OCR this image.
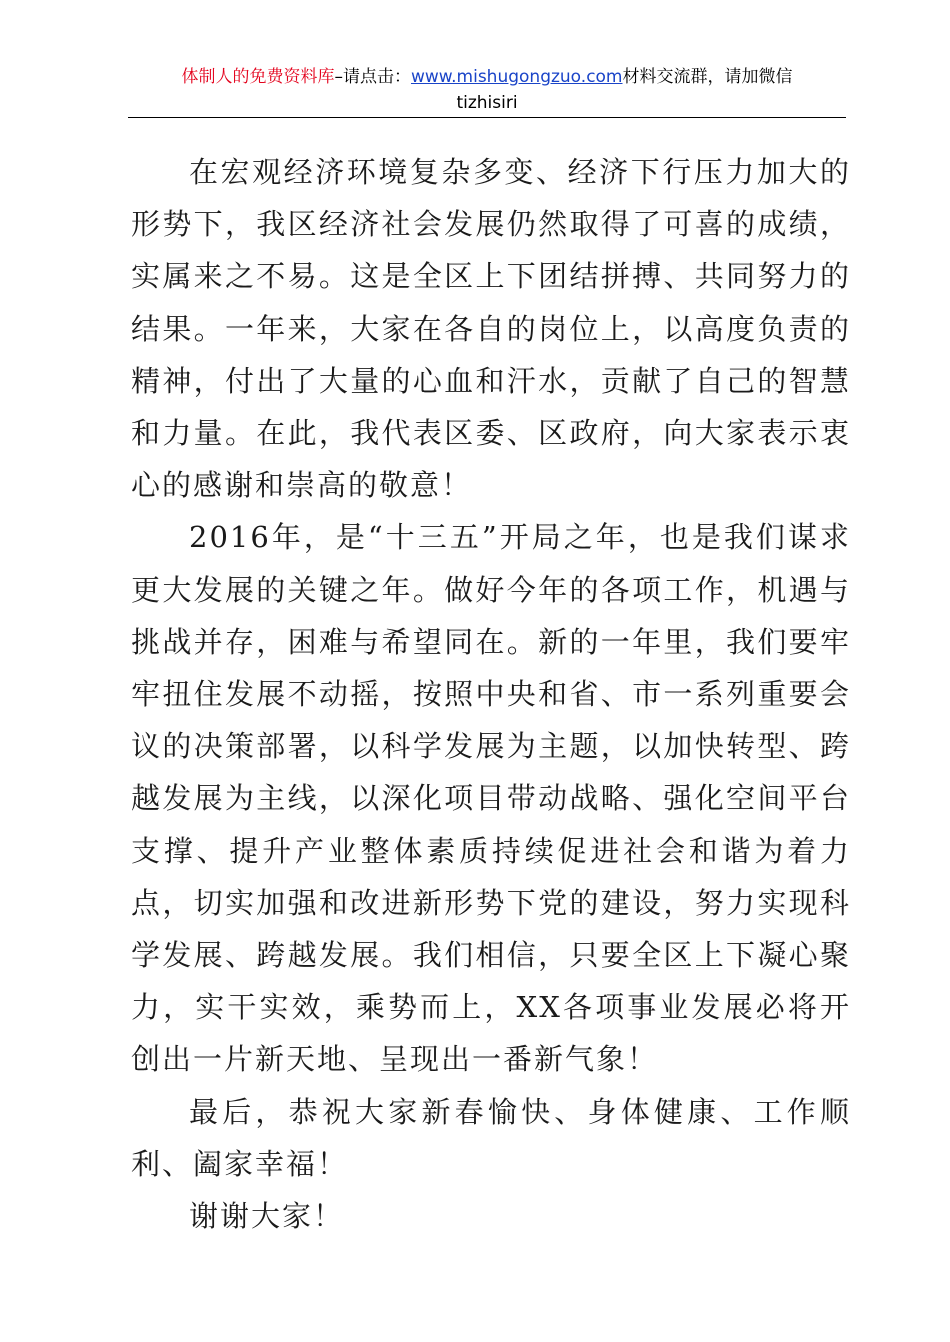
体制人的免费资料库–请点击：www.mishugongzuo.com材料交流群，请加微信
tizhisiri

在宏观经济环境复杂多变、经济下行压力加大的形势下，我区经济社会发展仍然取得了可喜的成绩，实属来之不易。这是全区上下团结拼搏、共同努力的结果。一年来，大家在各自的岗位上，以高度负责的精神，付出了大量的心血和汗水，贡献了自己的智慧和力量。在此，我代表区委、区政府，向大家表示衷心的感谢和崇高的敬意！

2016年，是“十三五”开局之年，也是我们谋求更大发展的关键之年。做好今年的各项工作，机遇与挑战并存，困难与希望同在。新的一年里，我们要牢牢扭住发展不动摇，按照中央和省、市一系列重要会议的决策部署，以科学发展为主题，以加快转型、跨越发展为主线，以深化项目带动战略、强化空间平台支撑、提升产业整体素质持续促进社会和谐为着力点，切实加强和改进新形势下党的建设，努力实现科学发展、跨越发展。我们相信，只要全区上下凝心聚力，实干实效，乘势而上，XX各项事业发展必将开创出一片新天地、呈现出一番新气象！

最后，恭祝大家新春愉快、身体健康、工作顺利、阖家幸福！

谢谢大家！
